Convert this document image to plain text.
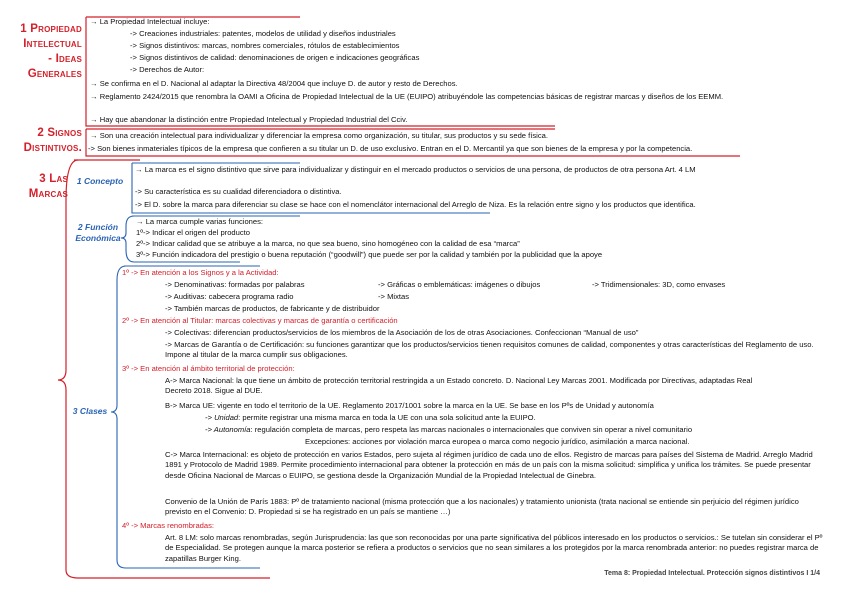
1 Propiedad
Intelectual
- Ideas
Generales
2 Signos
Distintivos.
3 Las
Marcas
1 Concepto
2 Función
Económica
3 Clases
→ La Propiedad Intelectual incluye:
-> Creaciones industriales: patentes, modelos de utilidad y diseños industriales
-> Signos distintivos: marcas, nombres comerciales, rótulos de establecimientos
-> Signos distintivos de calidad: denominaciones de origen e indicaciones geográficas
-> Derechos de Autor:
→ Se confirma en el D. Nacional al adaptar la Directiva 48/2004 que incluye D. de autor y resto de Derechos.
→ Reglamento 2424/2015 que renombra la OAMI a Oficina de Propiedad Intelectual de la UE (EUIPO) atribuyéndole las competencias básicas de registrar marcas y diseños de los EEMM.
→ Hay que abandonar la distinción entre Propiedad Intelectual y Propiedad Industrial del Cciv.
→ Son una creación intelectual para individualizar y diferenciar la empresa como organización, su titular, sus productos y su sede física.
-> Son bienes inmateriales típicos de la empresa que confieren a su titular un D. de uso exclusivo. Entran en el D. Mercantil ya que son bienes de la empresa y por la competencia.
→ La marca es el signo distintivo que sirve para individualizar y distinguir en el mercado productos o servicios de una persona, de productos de otra persona Art. 4 LM
-> Su característica es su cualidad diferenciadora o distintiva.
-> El D. sobre la marca para diferenciar su clase se hace con el nomenclátor internacional del Arreglo de Niza. Es la relación entre signo y los productos que identifica.
→ La marca cumple varias funciones:
1º-> Indicar el origen del producto
2º-> Indicar calidad que se atribuye a la marca, no que sea bueno, sino homogéneo con la calidad de esa “marca”
3º-> Función indicadora del prestigio o buena reputación (“goodwill”) que puede ser por la calidad y también por la publicidad que la apoye
1º -> En atención a los Signos y a la Actividad:
-> Denominativas: formadas por palabras	-> Gráficas o emblemáticas: imágenes o dibujos	-> Tridimensionales: 3D, como envases
-> Auditivas: cabecera programa radio	-> Mixtas
-> También marcas de productos, de fabricante y de distribuidor
2º -> En atención al Titular: marcas colectivas y marcas de garantía o certificación
-> Colectivas: diferencian productos/servicios de los miembros de la Asociación de los de otras Asociaciones. Confeccionan “Manual de uso”
-> Marcas de Garantía o de Certificación: su funciones garantizar que los productos/servicios tienen requisitos comunes de calidad, componentes y otras características del Reglamento de uso. Impone al titular de la marca cumplir sus obligaciones.
3º -> En atención al ámbito territorial de protección:
A-> Marca Nacional: la que tiene un ámbito de protección territorial restringida a un Estado concreto. D. Nacional Ley Marcas 2001. Modificada por Directivas, adaptadas Real Decreto 2018. Sigue al DUE.
B-> Marca UE: vigente en todo el territorio de la UE. Reglamento 2017/1001 sobre la marca en la UE. Se base en los Pºs de Unidad y autonomía
-> Unidad: permite registrar una misma marca en toda la UE con una sola solicitud ante la EUIPO.
-> Autonomía: regulación completa de marcas, pero respeta las marcas nacionales o internacionales que conviven sin operar a nivel comunitario
Excepciones: acciones por violación marca europea o marca como negocio jurídico, asimilación a marca nacional.
C-> Marca Internacional: es objeto de protección en varios Estados, pero sujeta al régimen jurídico de cada uno de ellos. Registro de marcas para países del Sistema de Madrid. Arreglo Madrid 1891 y Protocolo de Madrid 1989. Permite procedimiento internacional para obtener la protección en más de un país con la misma solicitud: simplifica y unifica los trámites. Se puede presentar desde Oficina Nacional de Marcas o EUIPO, se gestiona desde la Organización Mundial de la Propiedad Intelectual de Ginebra.
Convenio de la Unión de París 1883: Pº de tratamiento nacional (misma protección que a los nacionales) y tratamiento unionista (trata nacional se entiende sin perjuicio del régimen jurídico previsto en el Convenio: D. Propiedad si se ha registrado en un país se mantiene …)
4º -> Marcas renombradas:
Art. 8 LM: solo marcas renombradas, según Jurisprudencia: las que son reconocidas por una parte significativa del públicos interesado en los productos o servicios.: Se tutelan sin considerar el Pº de Especialidad. Se protegen aunque la marca posterior se refiera a productos o servicios que no sean similares a los protegidos por la marca renombrada anterior: no puedes registrar marca de zapatillas Burger King.
Tema 8: Propiedad Intelectual. Protección signos distintivos I 1/4
